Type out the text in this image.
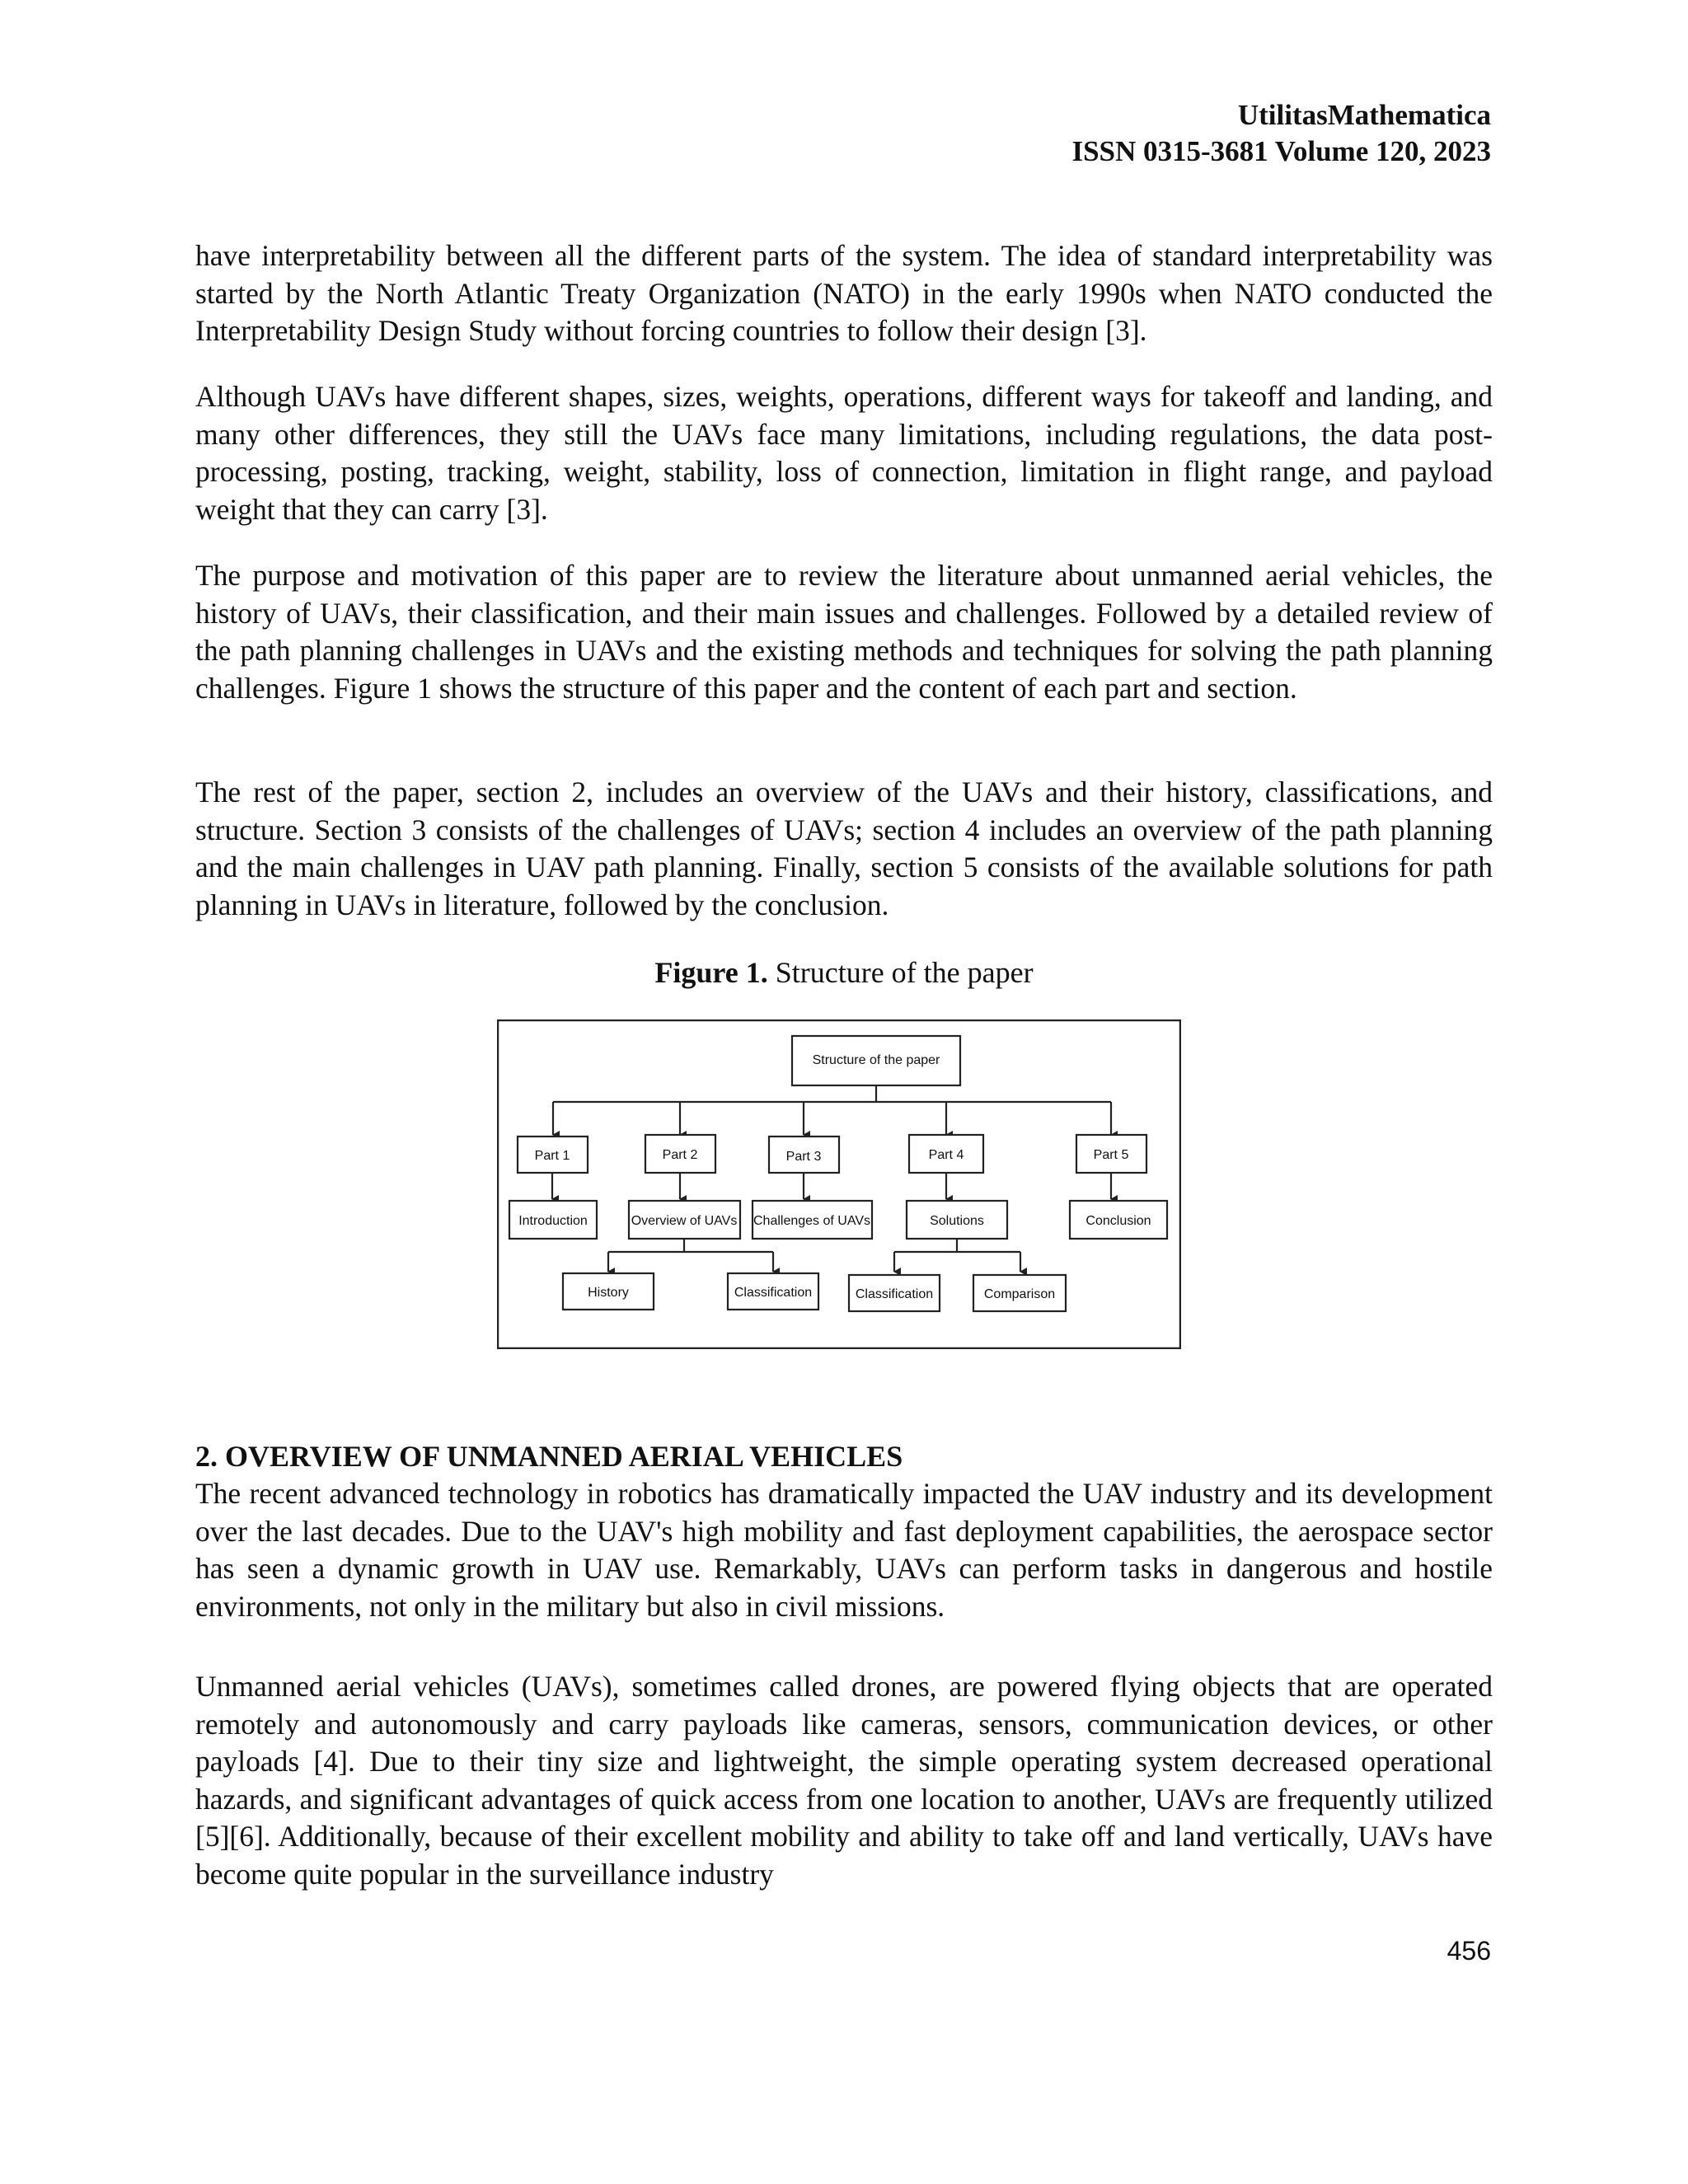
UtilitasMathematica
ISSN 0315-3681 Volume 120, 2023

have interpretability between all the different parts of the system. The idea of standard interpretability was started by the North Atlantic Treaty Organization (NATO) in the early 1990s when NATO conducted the Interpretability Design Study without forcing countries to follow their design [3].

Although UAVs have different shapes, sizes, weights, operations, different ways for takeoff and landing, and many other differences, they still the UAVs face many limitations, including regulations, the data post-processing, posting, tracking, weight, stability, loss of connection, limitation in flight range, and payload weight that they can carry [3].

The purpose and motivation of this paper are to review the literature about unmanned aerial vehicles, the history of UAVs, their classification, and their main issues and challenges. Followed by a detailed review of the path planning challenges in UAVs and the existing methods and techniques for solving the path planning challenges. Figure 1 shows the structure of this paper and the content of each part and section.

The rest of the paper, section 2, includes an overview of the UAVs and their history, classifications, and structure. Section 3 consists of the challenges of UAVs; section 4 includes an overview of the path planning and the main challenges in UAV path planning. Finally, section 5 consists of the available solutions for path planning in UAVs in literature, followed by the conclusion.

Figure 1. Structure of the paper
Structure of the paper
Part 1	Part 2	Part 3	Part 4	Part 5
Introduction	Overview of UAVs Challenges of UAVs	Solutions	Conclusion
History	Classification	Classification	Comparison
2. OVERVIEW OF UNMANNED AERIAL VEHICLES

The recent advanced technology in robotics has dramatically impacted the UAV industry and its development over the last decades. Due to the UAV's high mobility and fast deployment capabilities, the aerospace sector has seen a dynamic growth in UAV use. Remarkably, UAVs can perform tasks in dangerous and hostile environments, not only in the military but also in civil missions.

Unmanned aerial vehicles (UAVs), sometimes called drones, are powered flying objects that are operated remotely and autonomously and carry payloads like cameras, sensors, communication devices, or other payloads [4]. Due to their tiny size and lightweight, the simple operating system decreased operational hazards, and significant advantages of quick access from one location to another, UAVs are frequently utilized [5][6]. Additionally, because of their excellent mobility and ability to take off and land vertically, UAVs have become quite popular in the surveillance industry

456
